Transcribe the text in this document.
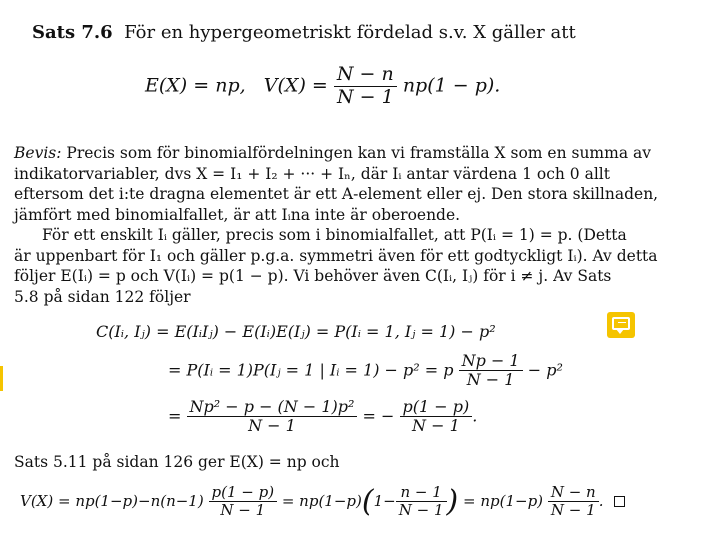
Sats 7.6 För en hypergeometriskt fördelad s.v. X gäller att
E(X) = np, $V(X) = \frac{N - n}{N - 1} np(1 - p)$.
Bevis: Precis som för binomialfördelningen kan vi framställa X som en summa av
indikatorvariabler, dvs X = I₁ + I₂ + ··· + Iₙ, där Iᵢ antar värdena 1 och 0 allt
eftersom det i:te dragna elementet är ett A-element eller ej. Den stora skillnaden,
jämfört med binomialfallet, är att Iᵢna inte är oberoende.
För ett enskilt Iᵢ gäller, precis som i binomialfallet, att P(Iᵢ = 1) = p. (Detta
är uppenbart för I₁ och gäller p.g.a. symmetri även för ett godtyckligt Iᵢ). Av detta
följer E(Iᵢ) = p och V(Iᵢ) = p(1 − p). Vi behöver även C(Iᵢ, Iⱼ) för i ≠ j. Av Sats
5.8 på sidan 122 följer
C(Iᵢ, Iⱼ) = E(IᵢIⱼ) − E(Iᵢ)E(Iⱼ) = P(Iᵢ = 1, Iⱼ = 1) − p²
= P(Iᵢ = 1)P(Iⱼ = 1 | Iᵢ = 1) − p² = p $\frac{Np - 1}{N - 1} - p^2$
= $\frac{\text{Np² − p − (N − 1)p²}}{N - 1}$ = − $\frac{p(1 - p)}{N - 1}$ .
Sats 5.11 på sidan 126 ger E(X) = np och
$V(X) = np(1-p)-n(n-1) \frac{p(1 - p)}{N - 1} = np(1-p)(1- \frac{n - 1}{N - 1}$ ) = $np(1-p) \frac{N - n}{N - 1}$ .
